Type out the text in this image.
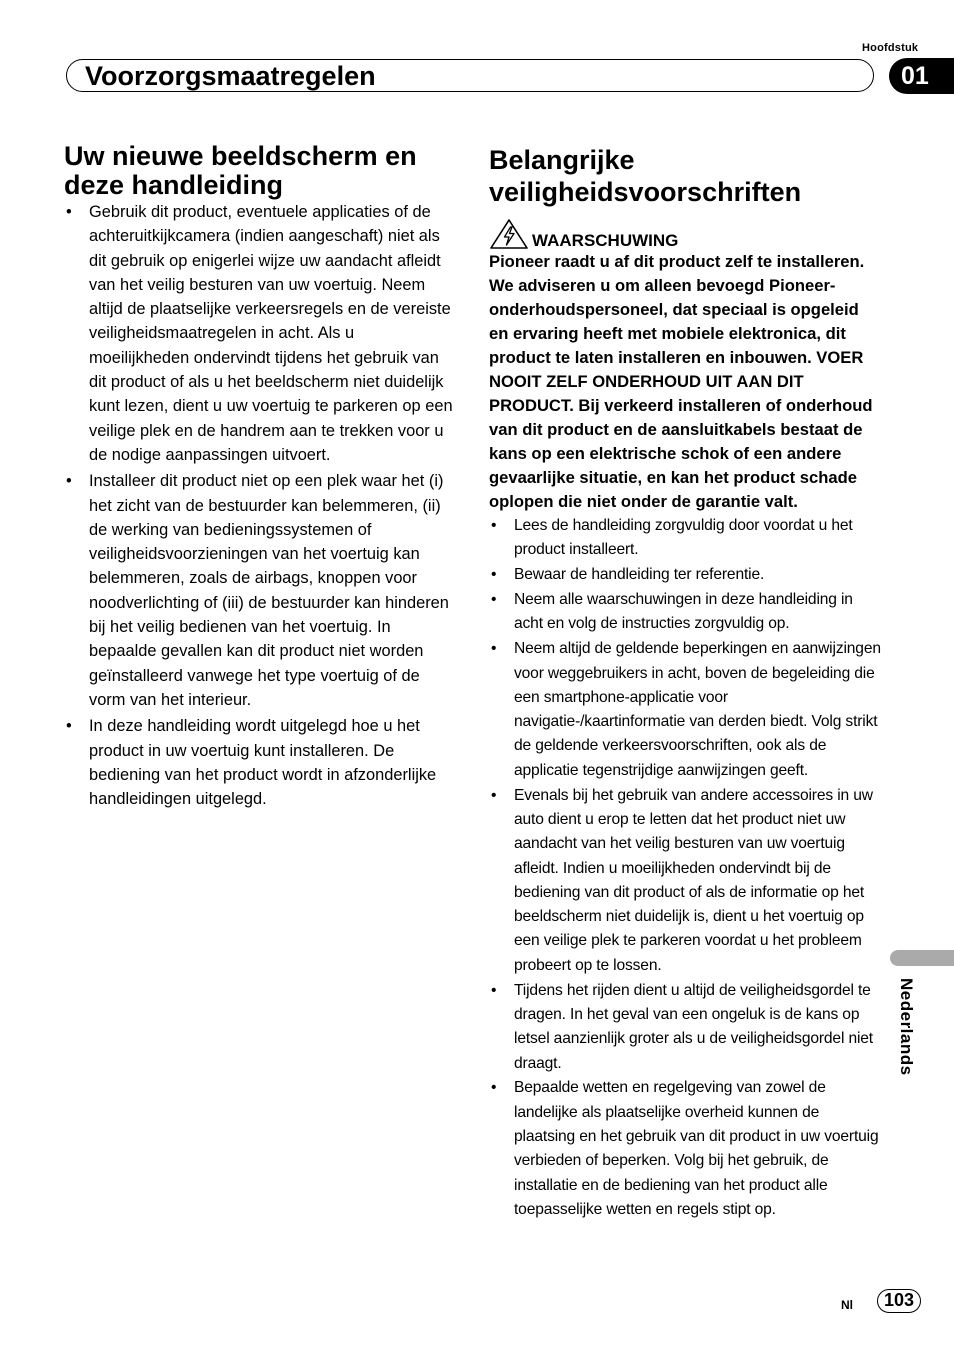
Hoofdstuk
Voorzorgsmaatregelen	01
Uw nieuwe beeldscherm en deze handleiding
• Gebruik dit product, eventuele applicaties of de achteruitkijkcamera (indien aangeschaft) niet als dit gebruik op enigerlei wijze uw aandacht afleidt van het veilig besturen van uw voertuig. Neem altijd de plaatselijke verkeersregels en de vereiste veiligheidsmaatregelen in acht. Als u moeilijkheden ondervindt tijdens het gebruik van dit product of als u het beeldscherm niet duidelijk kunt lezen, dient u uw voertuig te parkeren op een veilige plek en de handrem aan te trekken voor u de nodige aanpassingen uitvoert.
• Installeer dit product niet op een plek waar het (i) het zicht van de bestuurder kan belemmeren, (ii) de werking van bedieningssystemen of veiligheidsvoorzieningen van het voertuig kan belemmeren, zoals de airbags, knoppen voor noodverlichting of (iii) de bestuurder kan hinderen bij het veilig bedienen van het voertuig. In bepaalde gevallen kan dit product niet worden geïnstalleerd vanwege het type voertuig of de vorm van het interieur.
• In deze handleiding wordt uitgelegd hoe u het product in uw voertuig kunt installeren. De bediening van het product wordt in afzonderlijke handleidingen uitgelegd.
Belangrijke veiligheidsvoorschriften
WAARSCHUWING

Pioneer raadt u af dit product zelf te installeren. We adviseren u om alleen bevoegd Pioneer-onderhoudspersoneel, dat speciaal is opgeleid en ervaring heeft met mobiele elektronica, dit product te laten installeren en inbouwen. VOER NOOIT ZELF ONDERHOUD UIT AAN DIT PRODUCT. Bij verkeerd installeren of onderhoud van dit product en de aansluitkabels bestaat de kans op een elektrische schok of een andere gevaarlijke situatie, en kan het product schade oplopen die niet onder de garantie valt.

• Lees de handleiding zorgvuldig door voordat u het product installeert.
• Bewaar de handleiding ter referentie.
• Neem alle waarschuwingen in deze handleiding in acht en volg de instructies zorgvuldig op.
• Neem altijd de geldende beperkingen en aanwijzingen voor weggebruikers in acht, boven de begeleiding die een smartphone-applicatie voor navigatie-/kaartinformatie van derden biedt. Volg strikt de geldende verkeersvoorschriften, ook als de applicatie tegenstrijdige aanwijzingen geeft.
• Evenals bij het gebruik van andere accessoires in uw auto dient u erop te letten dat het product niet uw aandacht van het veilig besturen van uw voertuig afleidt. Indien u moeilijkheden ondervindt bij de bediening van dit product of als de informatie op het beeldscherm niet duidelijk is, dient u het voertuig op een veilige plek te parkeren voordat u het probleem probeert op te lossen.
• Tijdens het rijden dient u altijd de veiligheidsgordel te dragen. In het geval van een ongeluk is de kans op letsel aanzienlijk groter als u de veiligheidsgordel niet draagt.
• Bepaalde wetten en regelgeving van zowel de landelijke als plaatselijke overheid kunnen de plaatsing en het gebruik van dit product in uw voertuig verbieden of beperken. Volg bij het gebruik, de installatie en de bediening van het product alle toepasselijke wetten en regels stipt op.
Nederlands
Nl	103
